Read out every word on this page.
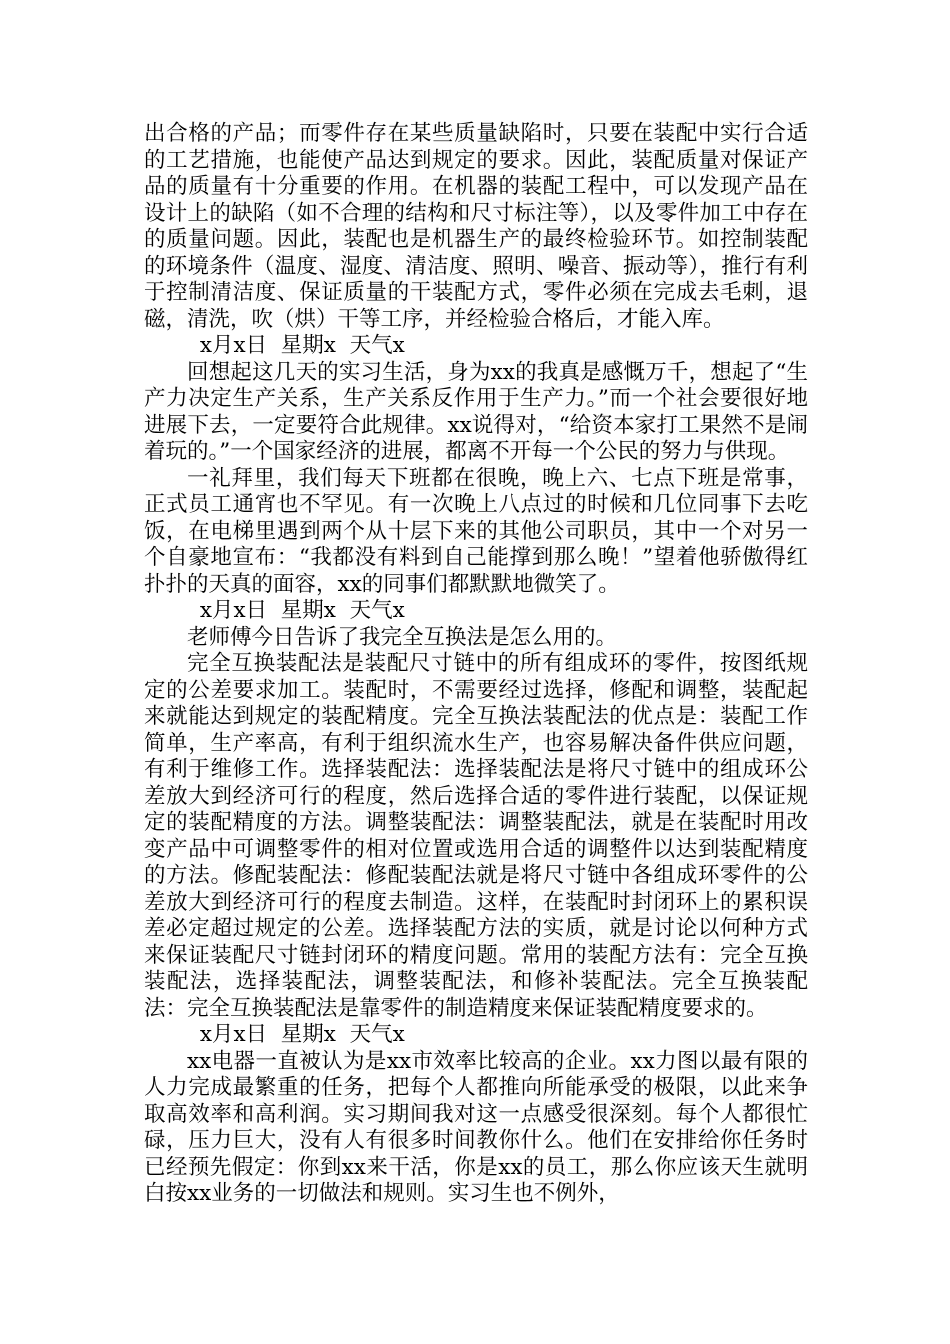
出合格的产品；而零件存在某些质量缺陷时，只要在装配中实行合适的工艺措施，也能使产品达到规定的要求。因此，装配质量对保证产品的质量有十分重要的作用。在机器的装配工程中，可以发现产品在设计上的缺陷（如不合理的结构和尺寸标注等），以及零件加工中存在的质量问题。因此，装配也是机器生产的最终检验环节。如控制装配的环境条件（温度、湿度、清洁度、照明、噪音、振动等），推行有利于控制清洁度、保证质量的干装配方式，零件必须在完成去毛刺，退磁，清洗，吹（烘）干等工序，并经检验合格后，才能入库。

x月x日  星期x  天气x

回想起这几天的实习生活，身为xx的我真是感慨万千，想起了“生产力决定生产关系，生产关系反作用于生产力。”而一个社会要很好地进展下去，一定要符合此规律。xx说得对，“给资本家打工果然不是闹着玩的。”一个国家经济的进展，都离不开每一个公民的努力与供现。

一礼拜里，我们每天下班都在很晚，晚上六、七点下班是常事，正式员工通宵也不罕见。有一次晚上八点过的时候和几位同事下去吃饭，在电梯里遇到两个从十层下来的其他公司职员，其中一个对另一个自豪地宣布：“我都没有料到自己能撑到那么晚！”望着他骄傲得红扑扑的天真的面容，xx的同事们都默默地微笑了。

x月x日  星期x  天气x

老师傅今日告诉了我完全互换法是怎么用的。

完全互换装配法是装配尺寸链中的所有组成环的零件，按图纸规定的公差要求加工。装配时，不需要经过选择，修配和调整，装配起来就能达到规定的装配精度。完全互换法装配法的优点是：装配工作简单，生产率高，有利于组织流水生产，也容易解决备件供应问题，有利于维修工作。选择装配法：选择装配法是将尺寸链中的组成环公差放大到经济可行的程度，然后选择合适的零件进行装配，以保证规定的装配精度的方法。调整装配法：调整装配法，就是在装配时用改变产品中可调整零件的相对位置或选用合适的调整件以达到装配精度的方法。修配装配法：修配装配法就是将尺寸链中各组成环零件的公差放大到经济可行的程度去制造。这样，在装配时封闭环上的累积误差必定超过规定的公差。选择装配方法的实质，就是讨论以何种方式来保证装配尺寸链封闭环的精度问题。常用的装配方法有：完全互换装配法，选择装配法，调整装配法，和修补装配法。完全互换装配法：完全互换装配法是靠零件的制造精度来保证装配精度要求的。

x月x日  星期x  天气x

xx电器一直被认为是xx市效率比较高的企业。xx力图以最有限的人力完成最繁重的任务，把每个人都推向所能承受的极限，以此来争取高效率和高利润。实习期间我对这一点感受很深刻。每个人都很忙碌，压力巨大，没有人有很多时间教你什么。他们在安排给你任务时已经预先假定：你到xx来干活，你是xx的员工，那么你应该天生就明白按xx业务的一切做法和规则。实习生也不例外，
